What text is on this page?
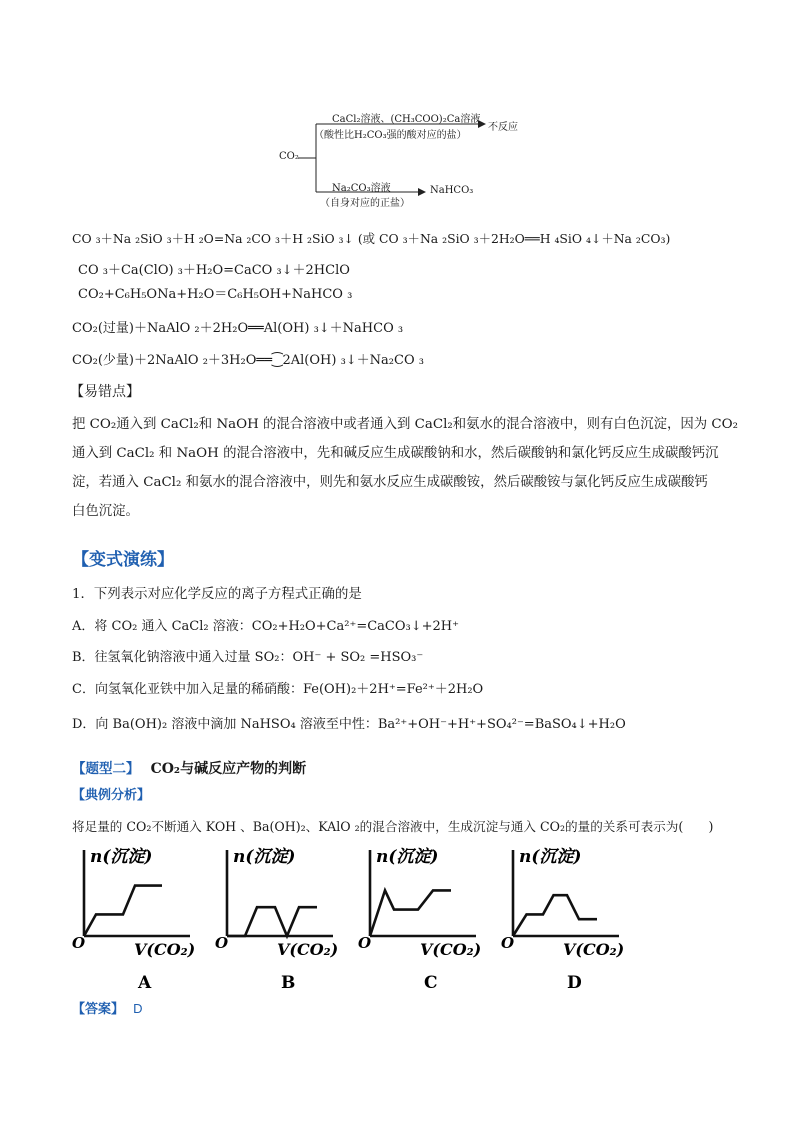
CO₂
CaCl₂溶液、(CH₃COO)₂Ca溶液
（酸性比H₂CO₃强的酸对应的盐）
不反应
Na₂CO₃溶液
（自身对应的正盐）
NaHCO₃
CO ₃＋Na ₂SiO ₃＋H ₂O=Na ₂CO ₃＋H ₂SiO ₃↓ (或 CO ₃＋Na ₂SiO ₃＋2H₂O══H ₄SiO ₄↓＋Na ₂CO₃)
CO ₃＋Ca(ClO) ₃＋H₂O=CaCO ₃↓＋2HClO
CO₂+C₆H₅ONa+H₂O＝C₆H₅OH+NaHCO ₃
CO₂(过量)＋NaAlO ₂＋2H₂O══Al(OH) ₃↓＋NaHCO ₃
CO₂(少量)＋2NaAlO ₂＋3H₂O══⁐2Al(OH) ₃↓＋Na₂CO ₃
【易错点】
把 CO₂通入到 CaCl₂和 NaOH 的混合溶液中或者通入到 CaCl₂和氨水的混合溶液中，则有白色沉淀，因为 CO₂
通入到 CaCl₂ 和 NaOH 的混合溶液中，先和碱反应生成碳酸钠和水，然后碳酸钠和氯化钙反应生成碳酸钙沉
淀，若通入 CaCl₂ 和氨水的混合溶液中，则先和氨水反应生成碳酸铵，然后碳酸铵与氯化钙反应生成碳酸钙
白色沉淀。
【变式演练】
1．下列表示对应化学反应的离子方程式正确的是
A．将 CO₂ 通入 CaCl₂ 溶液：CO₂+H₂O+Ca²⁺=CaCO₃↓+2H⁺
B．往氢氧化钠溶液中通入过量 SO₂：OH⁻ + SO₂ =HSO₃⁻
C．向氢氧化亚铁中加入足量的稀硝酸：Fe(OH)₂＋2H⁺=Fe²⁺＋2H₂O
D．向 Ba(OH)₂ 溶液中滴加 NaHSO₄ 溶液至中性：Ba²⁺+OH⁻+H⁺+SO₄²⁻=BaSO₄↓+H₂O
【题型二】 CO₂与碱反应产物的判断
【典例分析】
将足量的 CO₂不断通入 KOH 、Ba(OH)₂、KAlO ₂的混合溶液中，生成沉淀与通入 CO₂的量的关系可表示为(　　)
n(沉淀)
O	V(CO₂)
A
n(沉淀)
O	V(CO₂)
B
n(沉淀)
O	V(CO₂)
C
n(沉淀)
O	V(CO₂)
D
【答案】 D
